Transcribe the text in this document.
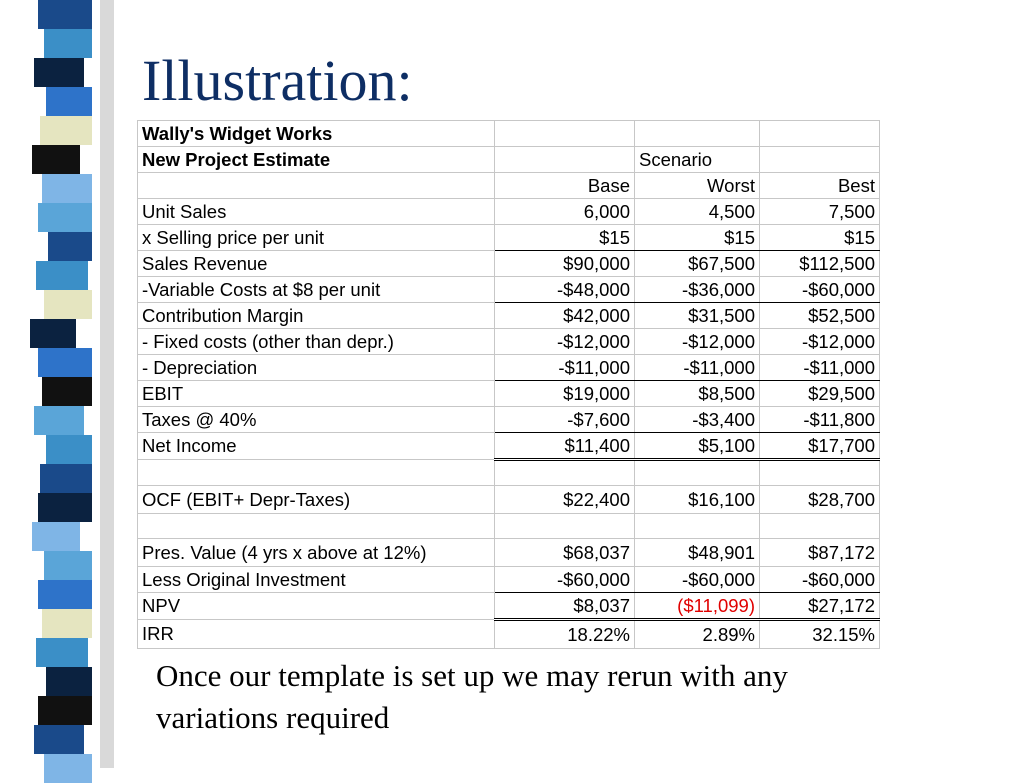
Illustration:
Wally's Widget Works			
New Project Estimate		Scenario	
	Base	Worst	Best
Unit Sales	6,000	4,500	7,500
x Selling price per unit	$15	$15	$15
Sales Revenue	$90,000	$67,500	$112,500
-Variable Costs at $8 per unit	-$48,000	-$36,000	-$60,000
Contribution Margin	$42,000	$31,500	$52,500
- Fixed costs (other than depr.)	-$12,000	-$12,000	-$12,000
- Depreciation	-$11,000	-$11,000	-$11,000
EBIT	$19,000	$8,500	$29,500
Taxes @ 40%	-$7,600	-$3,400	-$11,800
Net Income	$11,400	$5,100	$17,700

OCF (EBIT+ Depr-Taxes)	$22,400	$16,100	$28,700

Pres. Value (4 yrs x above at 12%)	$68,037	$48,901	$87,172
Less Original Investment	-$60,000	-$60,000	-$60,000
NPV	$8,037	($11,099)	$27,172
IRR	18.22%	2.89%	32.15%

Once our template is set up we may rerun with any variations required
